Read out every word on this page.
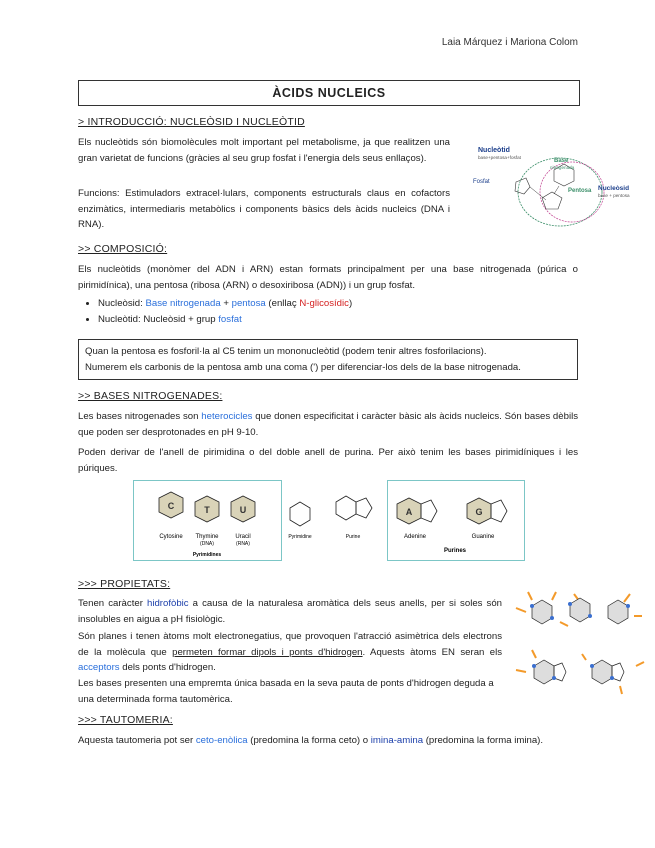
Laia Márquez i Mariona Colom
ÀCIDS NUCLEICS
> INTRODUCCIÓ: NUCLEÒSID I NUCLEÒTID

Els nucleòtids són biomolècules molt important pel metabolisme, ja que realitzen una gran varietat de funcions (gràcies al seu grup fosfat i l'energia dels seus enllaços).

Funcions: Estimuladors extracel·lulars, components estructurals claus en cofactors enzimàtics, intermediaris metabòlics i components bàsics dels àcids nucleics (DNA i RNA).

Nucleòtid
base+pentosa+fosfat
Fosfat
Base
nitrogenada
Pentosa Nucleòsid
base + pentosa
>> COMPOSICIÓ:

Els nucleòtids (monòmer del ADN i ARN) estan formats principalment per una base nitrogenada (púrica o pirimidínica), una pentosa (ribosa (ARN) o desoxiribosa (ADN)) i un grup fosfat.

• Nucleòsid: Base nitrogenada + pentosa (enllaç N-glicosídic)
• Nucleòtid: Nucleòsid + grup fosfat
Quan la pentosa es fosforil·la al C5 tenim un mononucleòtid (podem tenir altres fosforilacions).
Numerem els carbonis de la pentosa amb una coma (') per diferenciar-los dels de la base nitrogenada.
>> BASES NITROGENADES:

Les bases nitrogenades son heterocicles que donen especificitat i caràcter bàsic als àcids nucleics. Són bases dèbils que poden ser desprotonades en pH 9-10.

Poden derivar de l'anell de pirimidina o del doble anell de purina. Per això tenim les bases pirimidíniques i les púriques.

C
Cytosine
T
Thymine
(DNA)
U
Uracil
(RNA)
Pyrimidines
Pyrimidine	Purine
A
Adenine
G
Guanine
Purines
>>> PROPIETATS:

Tenen caràcter hidrofòbic a causa de la naturalesa aromàtica dels seus anells, per si soles són insolubles en aigua a pH fisiològic.

Són planes i tenen àtoms molt electronegatius, que provoquen l'atracció asimètrica dels electrons de la molècula que permeten formar dipols i ponts d'hidrogen. Aquests àtoms EN seran els acceptors dels ponts d'hidrogen.

Les bases presenten una empremta única basada en la seva pauta de ponts d'hidrogen deguda a una determinada forma tautomèrica.

>>> TAUTOMERIA:

Aquesta tautomeria pot ser ceto-enòlica (predomina la forma ceto) o imina-amina (predomina la forma imina).
